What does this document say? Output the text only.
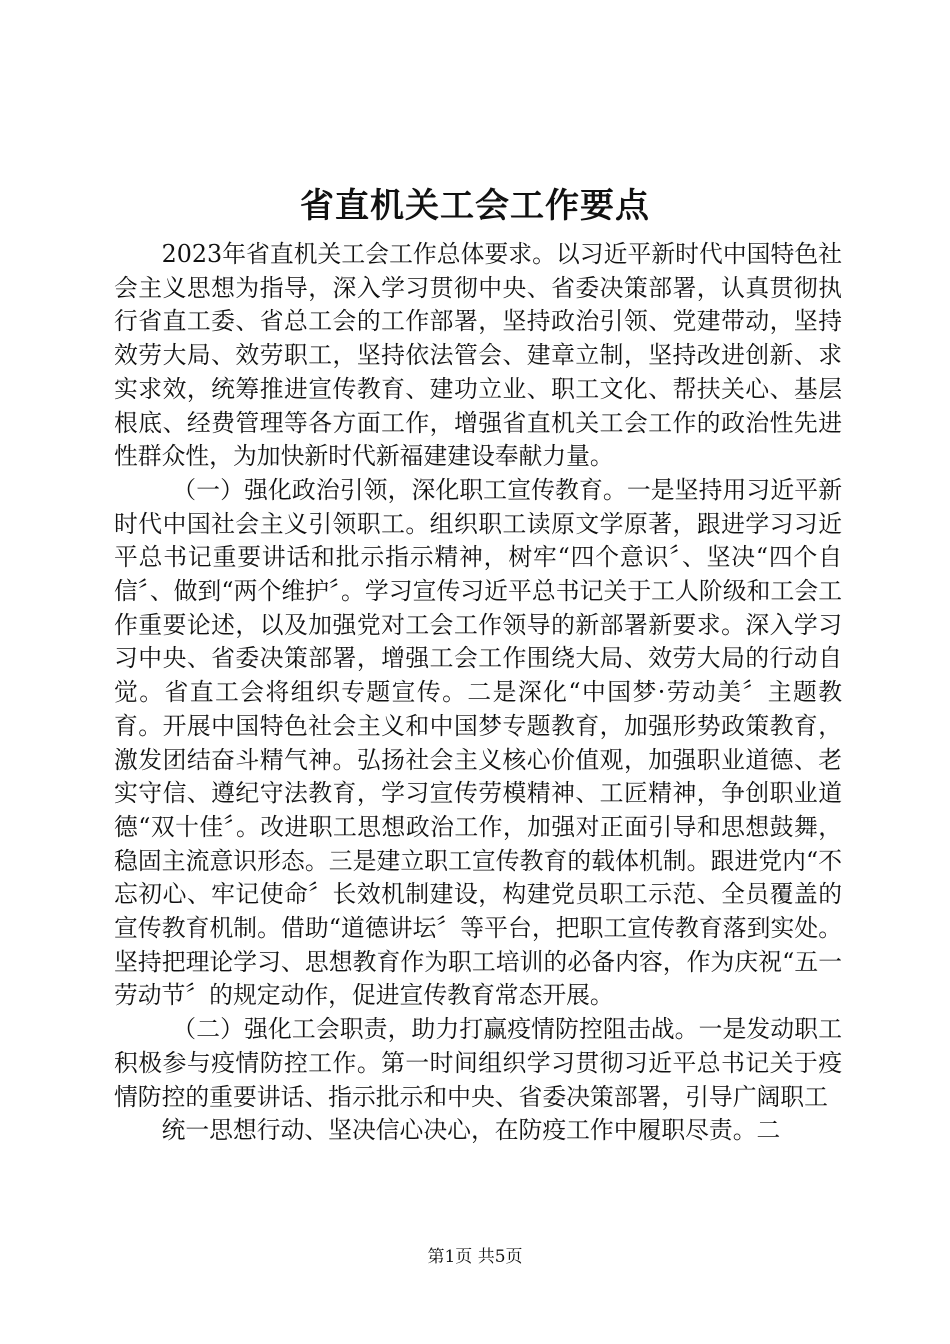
省直机关工会工作要点

2023年省直机关工会工作总体要求。以习近平新时代中国特色社会主义思想为指导，深入学习贯彻中央、省委决策部署，认真贯彻执行省直工委、省总工会的工作部署，坚持政治引领、党建带动，坚持效劳大局、效劳职工，坚持依法管会、建章立制，坚持改进创新、求实求效，统筹推进宣传教育、建功立业、职工文化、帮扶关心、基层根底、经费管理等各方面工作，增强省直机关工会工作的政治性先进性群众性，为加快新时代新福建建设奉献力量。

（一）强化政治引领，深化职工宣传教育。一是坚持用习近平新时代中国社会主义引领职工。组织职工读原文学原著，跟进学习习近平总书记重要讲话和批示指示精神，树牢“四个意识〞、坚决“四个自信〞、做到“两个维护〞。学习宣传习近平总书记关于工人阶级和工会工作重要论述，以及加强党对工会工作领导的新部署新要求。深入学习习中央、省委决策部署，增强工会工作围绕大局、效劳大局的行动自觉。省直工会将组织专题宣传。二是深化“中国梦·劳动美〞主题教育。开展中国特色社会主义和中国梦专题教育，加强形势政策教育，激发团结奋斗精气神。弘扬社会主义核心价值观，加强职业道德、老实守信、遵纪守法教育，学习宣传劳模精神、工匠精神，争创职业道德“双十佳〞。改进职工思想政治工作，加强对正面引导和思想鼓舞，稳固主流意识形态。三是建立职工宣传教育的载体机制。跟进党内“不忘初心、牢记使命〞长效机制建设，构建党员职工示范、全员覆盖的宣传教育机制。借助“道德讲坛〞等平台，把职工宣传教育落到实处。坚持把理论学习、思想教育作为职工培训的必备内容，作为庆祝“五一劳动节〞的规定动作，促进宣传教育常态开展。

（二）强化工会职责，助力打赢疫情防控阻击战。一是发动职工积极参与疫情防控工作。第一时间组织学习贯彻习近平总书记关于疫情防控的重要讲话、指示批示和中央、省委决策部署，引导广阔职工

统一思想行动、坚决信心决心，在防疫工作中履职尽责。二

第1页 共5页
